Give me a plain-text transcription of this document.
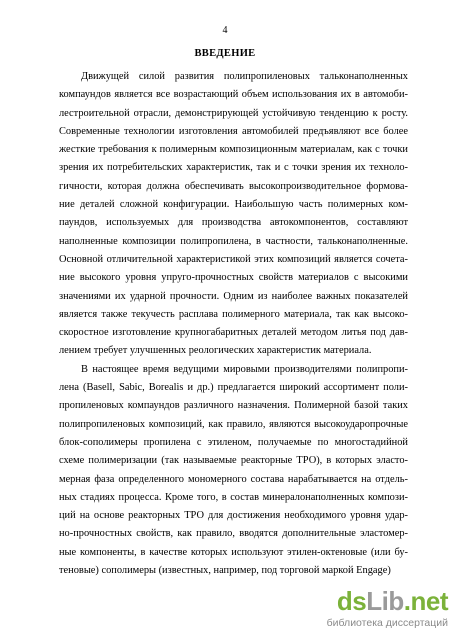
4
ВВЕДЕНИЕ
Движущей силой развития полипропиленовых тальконаполненных
компаундов является все возрастающий объем использования их в автомоби-
лестроительной отрасли, демонстрирующей устойчивую тенденцию к росту.
Современные технологии изготовления автомобилей предъявляют все более
жесткие требования к полимерным композиционным материалам, как с точки
зрения их потребительских характеристик, так и с точки зрения их техноло-
гичности, которая должна обеспечивать высокопроизводительное формова-
ние деталей сложной конфигурации. Наибольшую часть полимерных ком-
паундов, используемых для производства автокомпонентов, составляют
наполненные композиции полипропилена, в частности, тальконаполненные.
Основной отличительной характеристикой этих композиций является сочета-
ние высокого уровня упруго-прочностных свойств материалов с высокими
значениями их ударной прочности. Одним из наиболее важных показателей
является также текучесть расплава полимерного материала, так как высоко-
скоростное изготовление крупногабаритных деталей методом литья под дав-
лением требует улучшенных реологических характеристик материала.
В настоящее время ведущими мировыми производителями полипропи-
лена (Basell, Sabic, Borealis и др.) предлагается широкий ассортимент поли-
пропиленовых компаундов различного назначения. Полимерной базой таких
полипропиленовых композиций, как правило, являются высокоударопрочные
блок-сополимеры пропилена с этиленом, получаемые по многостадийной
схеме полимеризации (так называемые реакторные ТРО), в которых эласто-
мерная фаза определенного мономерного состава нарабатывается на отдель-
ных стадиях процесса. Кроме того, в состав минералонаполненных компози-
ций на основе реакторных ТРО для достижения необходимого уровня удар-
но-прочностных свойств, как правило, вводятся дополнительные эластомер-
ные компоненты, в качестве которых используют этилен-октеновые (или бу-
теновые) сополимеры (известных, например, под торговой маркой Engage)
dsLib.net
библиотека диссертаций
